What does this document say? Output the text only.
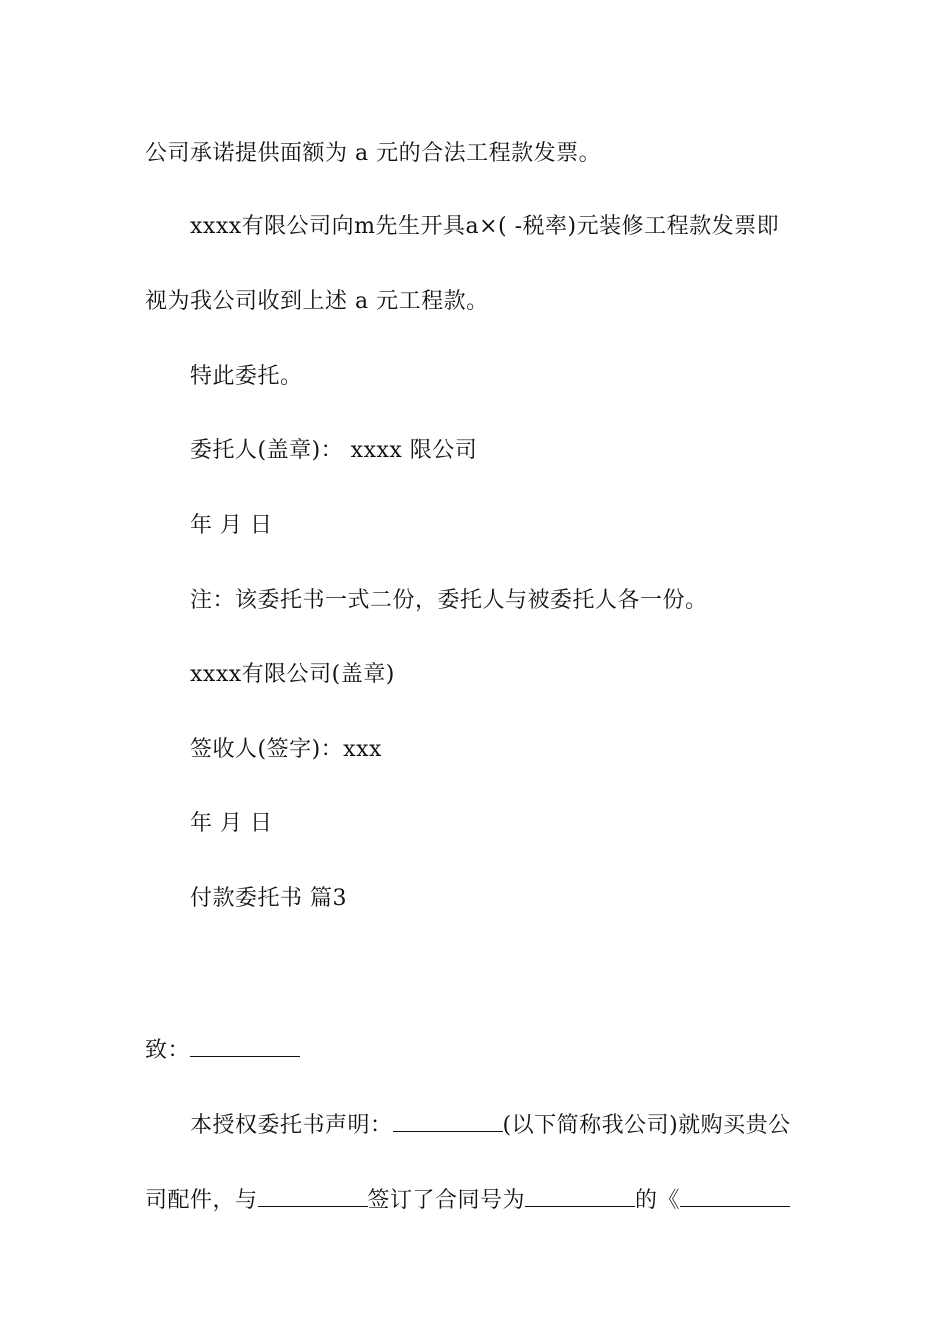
公司承诺提供面额为 a 元的合法工程款发票。
xxxx有限公司向m先生开具a×( -税率)元装修工程款发票即
视为我公司收到上述 a 元工程款。
特此委托。
委托人(盖章)： xxxx 限公司
年 月 日
注：该委托书一式二份，委托人与被委托人各一份。
xxxx有限公司(盖章)
签收人(签字)：xxx
年 月 日
付款委托书 篇3
致：
本授权委托书声明：	(以下简称我公司)就购买贵公
司配件，与	签订了合同号为	的《
